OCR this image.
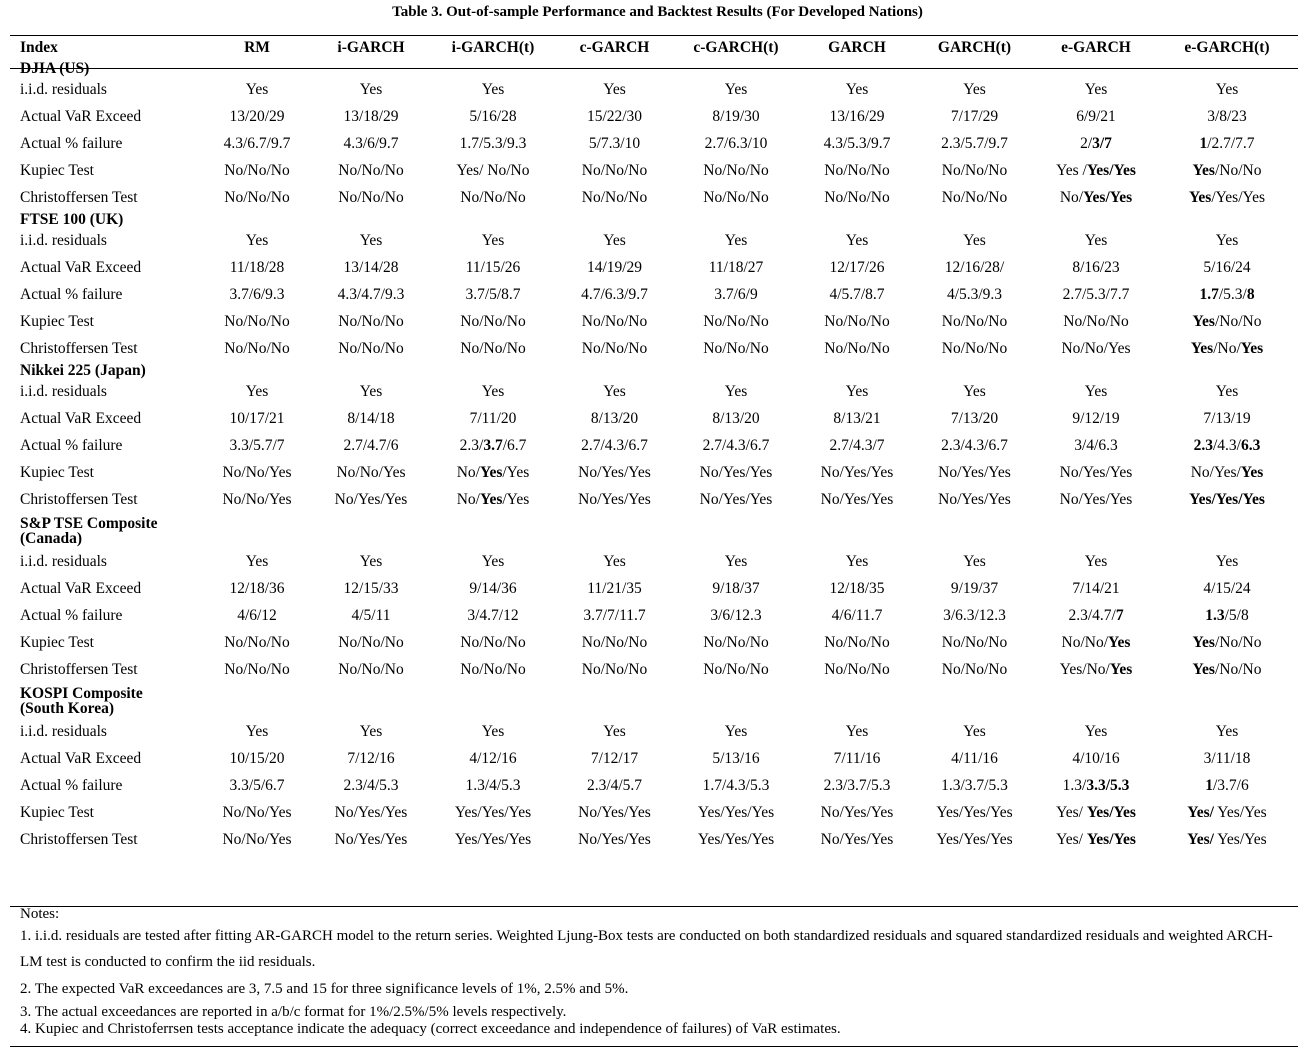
Table 3. Out-of-sample Performance and Backtest Results (For Developed Nations)
Index	RM	i-GARCH	i-GARCH(t)	c-GARCH	c-GARCH(t)	GARCH	GARCH(t)	e-GARCH	e-GARCH(t)
DJIA (US)									
i.i.d. residuals	Yes	Yes	Yes	Yes	Yes	Yes	Yes	Yes	Yes
Actual VaR Exceed	13/20/29	13/18/29	5/16/28	15/22/30	8/19/30	13/16/29	7/17/29	6/9/21	3/8/23
Actual % failure	4.3/6.7/9.7	4.3/6/9.7	1.7/5.3/9.3	5/7.3/10	2.7/6.3/10	4.3/5.3/9.7	2.3/5.7/9.7	2/3/7	1/2.7/7.7
Kupiec Test	No/No/No	No/No/No	Yes/ No/No	No/No/No	No/No/No	No/No/No	No/No/No	Yes /Yes/Yes	Yes/No/No
Christoffersen Test	No/No/No	No/No/No	No/No/No	No/No/No	No/No/No	No/No/No	No/No/No	No/Yes/Yes	Yes/Yes/Yes
FTSE 100 (UK)									
i.i.d. residuals	Yes	Yes	Yes	Yes	Yes	Yes	Yes	Yes	Yes
Actual VaR Exceed	11/18/28	13/14/28	11/15/26	14/19/29	11/18/27	12/17/26	12/16/28/	8/16/23	5/16/24
Actual % failure	3.7/6/9.3	4.3/4.7/9.3	3.7/5/8.7	4.7/6.3/9.7	3.7/6/9	4/5.7/8.7	4/5.3/9.3	2.7/5.3/7.7	1.7/5.3/8
Kupiec Test	No/No/No	No/No/No	No/No/No	No/No/No	No/No/No	No/No/No	No/No/No	No/No/No	Yes/No/No
Christoffersen Test	No/No/No	No/No/No	No/No/No	No/No/No	No/No/No	No/No/No	No/No/No	No/No/Yes	Yes/No/Yes
Nikkei 225 (Japan)									
i.i.d. residuals	Yes	Yes	Yes	Yes	Yes	Yes	Yes	Yes	Yes
Actual VaR Exceed	10/17/21	8/14/18	7/11/20	8/13/20	8/13/20	8/13/21	7/13/20	9/12/19	7/13/19
Actual % failure	3.3/5.7/7	2.7/4.7/6	2.3/3.7/6.7	2.7/4.3/6.7	2.7/4.3/6.7	2.7/4.3/7	2.3/4.3/6.7	3/4/6.3	2.3/4.3/6.3
Kupiec Test	No/No/Yes	No/No/Yes	No/Yes/Yes	No/Yes/Yes	No/Yes/Yes	No/Yes/Yes	No/Yes/Yes	No/Yes/Yes	No/Yes/Yes
Christoffersen Test	No/No/Yes	No/Yes/Yes	No/Yes/Yes	No/Yes/Yes	No/Yes/Yes	No/Yes/Yes	No/Yes/Yes	No/Yes/Yes	Yes/Yes/Yes
S&P TSE Composite
(Canada)									
i.i.d. residuals	Yes	Yes	Yes	Yes	Yes	Yes	Yes	Yes	Yes
Actual VaR Exceed	12/18/36	12/15/33	9/14/36	11/21/35	9/18/37	12/18/35	9/19/37	7/14/21	4/15/24
Actual % failure	4/6/12	4/5/11	3/4.7/12	3.7/7/11.7	3/6/12.3	4/6/11.7	3/6.3/12.3	2.3/4.7/7	1.3/5/8
Kupiec Test	No/No/No	No/No/No	No/No/No	No/No/No	No/No/No	No/No/No	No/No/No	No/No/Yes	Yes/No/No
Christoffersen Test	No/No/No	No/No/No	No/No/No	No/No/No	No/No/No	No/No/No	No/No/No	Yes/No/Yes	Yes/No/No
KOSPI Composite
(South Korea)									
i.i.d. residuals	Yes	Yes	Yes	Yes	Yes	Yes	Yes	Yes	Yes
Actual VaR Exceed	10/15/20	7/12/16	4/12/16	7/12/17	5/13/16	7/11/16	4/11/16	4/10/16	3/11/18
Actual % failure	3.3/5/6.7	2.3/4/5.3	1.3/4/5.3	2.3/4/5.7	1.7/4.3/5.3	2.3/3.7/5.3	1.3/3.7/5.3	1.3/3.3/5.3	1/3.7/6
Kupiec Test	No/No/Yes	No/Yes/Yes	Yes/Yes/Yes	No/Yes/Yes	Yes/Yes/Yes	No/Yes/Yes	Yes/Yes/Yes	Yes/ Yes/Yes	Yes/ Yes/Yes
Christoffersen Test	No/No/Yes	No/Yes/Yes	Yes/Yes/Yes	No/Yes/Yes	Yes/Yes/Yes	No/Yes/Yes	Yes/Yes/Yes	Yes/ Yes/Yes	Yes/ Yes/Yes
Notes:
1. i.i.d. residuals are tested after fitting AR-GARCH model to the return series. Weighted Ljung-Box tests are conducted on both standardized residuals and squared standardized residuals and weighted ARCH-LM test is conducted to confirm the iid residuals.
2. The expected VaR exceedances are 3, 7.5 and 15 for three significance levels of 1%, 2.5% and 5%.
3. The actual exceedances are reported in a/b/c format for 1%/2.5%/5% levels respectively.
4. Kupiec and Christoferrsen tests acceptance indicate the adequacy (correct exceedance and independence of failures) of VaR estimates.
